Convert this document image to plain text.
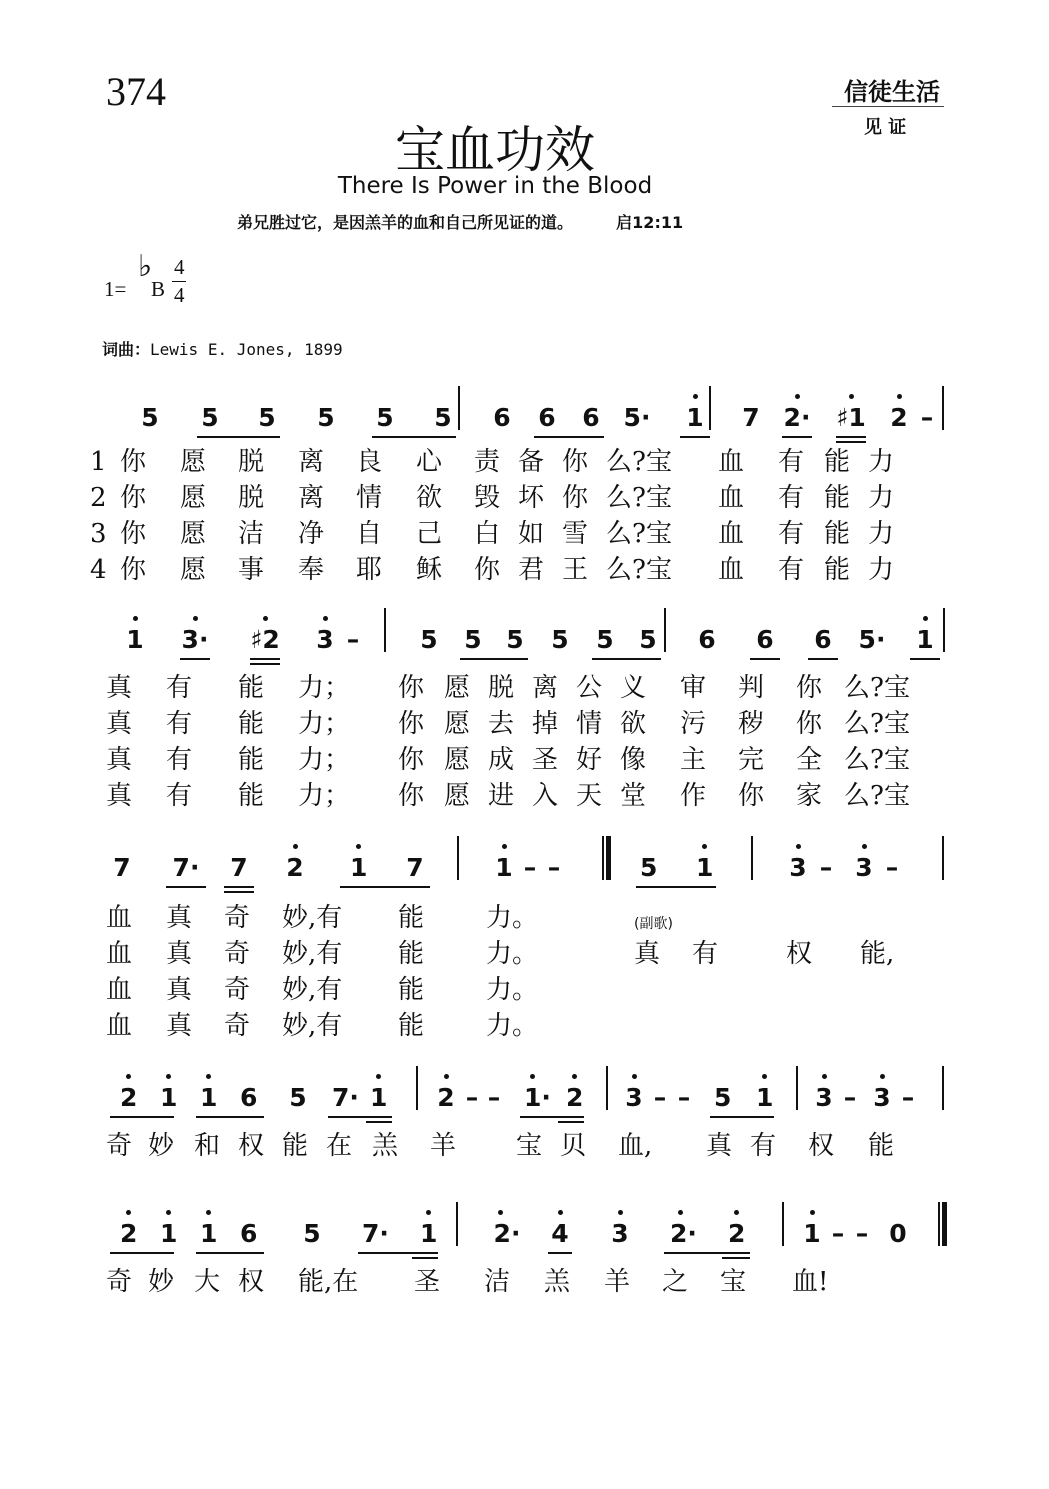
374	信徒生活
见 证
宝血功效
There Is Power in the Blood
弟兄胜过它，是因羔羊的血和自己所见证的道。	启12:11
1=
♭
B
4
4
词曲：Lewis E. Jones, 1899
5 5 5 5 5 5 6 6 6 5· 1 7 2· ♯1 2 –
1 你 愿 脱 离 良 心 责 备 你 么?宝 血 有 能 力
2 你 愿 脱 离 情 欲 毁 坏 你 么?宝 血 有 能 力
3 你 愿 洁 净 自 己 白 如 雪 么?宝 血 有 能 力
4 你 愿 事 奉 耶 稣 你 君 王 么?宝 血 有 能 力
1 3· ♯2 3 – 5 5 5 5 5 5 6 6 6 5· 1
真 有 能 力； 你 愿 脱 离 公 义 审 判 你 么?宝
真 有 能 力； 你 愿 去 掉 情 欲 污 秽 你 么?宝
真 有 能 力； 你 愿 成 圣 好 像 主 完 全 么?宝
真 有 能 力； 你 愿 进 入 天 堂 作 你 家 么?宝
7 7· 7 2 1 7	1 – –	5 1	3 – 3 –
血 真 奇 妙,有 能 力。	(副歌)
血 真 奇 妙,有 能 力。	真 有	权 能,
血 真 奇 妙,有 能 力。
血 真 奇 妙,有 能 力。
2 1 1 6 5 7· 1 2 – – 1· 2 3 – – 5 1 3 – 3 –
奇 妙 和 权 能 在 羔 羊 宝 贝 血, 真 有 权 能
2 1 1 6 5 7· 1 2· 4 3 2· 2 1 – – 0
奇 妙 大 权 能,在 圣 洁 羔 羊 之 宝 血!
